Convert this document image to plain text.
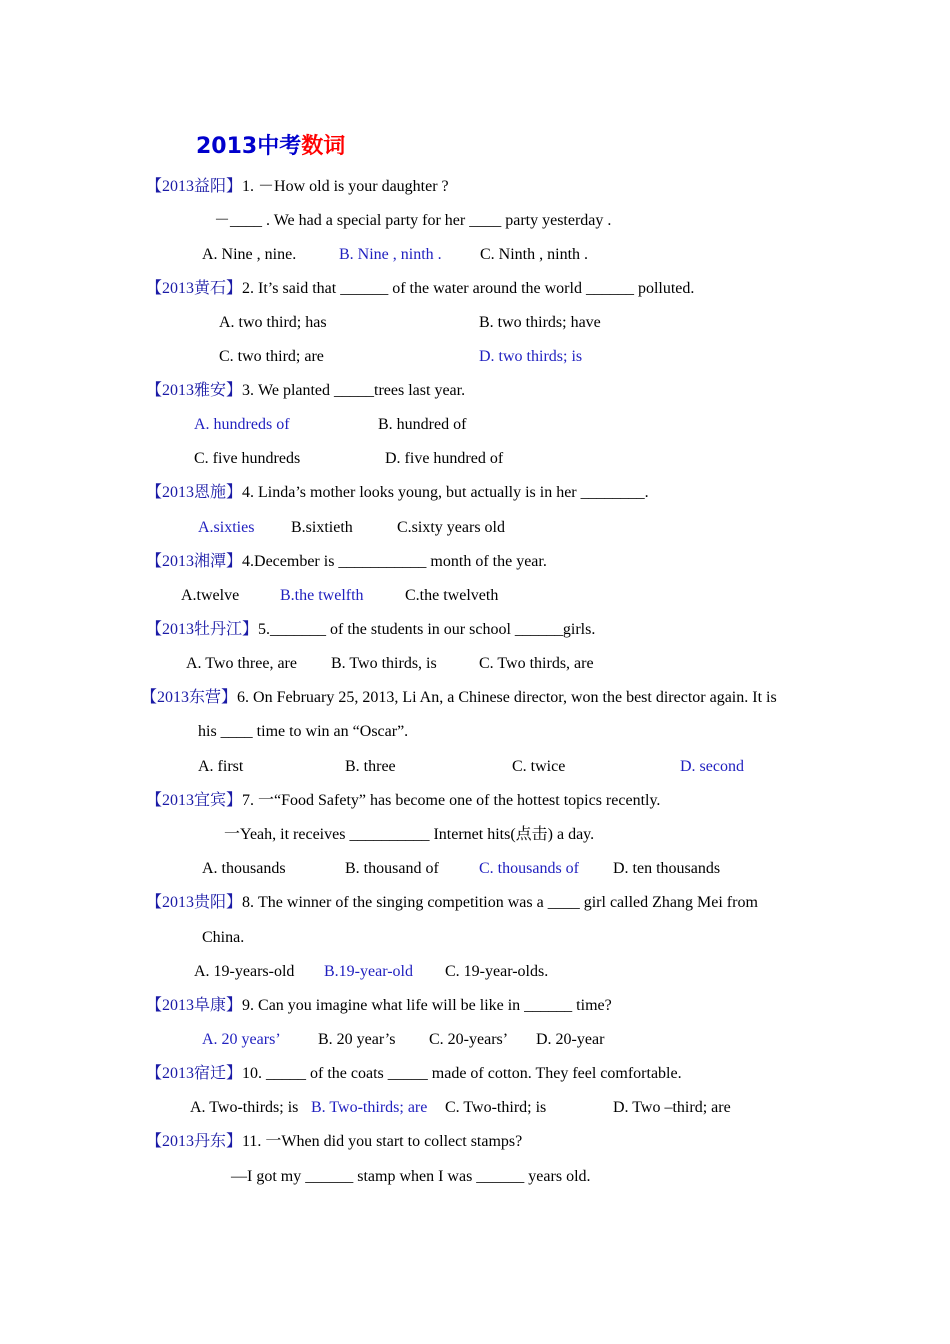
2013中考数词
【2013益阳】1. －How old is your daughter ?
－____ . We had a special party for her ____ party yesterday .
A. Nine , nine.	B. Nine , ninth . C. Ninth , ninth .
【2013黄石】2. It’s said that ______ of the water around the world ______ polluted.
A. two third; has	B. two thirds; have
C. two third; are	D. two thirds; is
【2013雅安】3. We planted _____trees last year.
A. hundreds of	B. hundred of
C. five hundreds	D. five hundred of
【2013恩施】4. Linda’s mother looks young, but actually is in her ________.
A.sixties B.sixtieth	C.sixty years old
【2013湘潭】4.December is ___________ month of the year.
A.twelve	B.the twelfth	C.the twelveth
【2013牡丹江】5._______ of the students in our school ______girls.
A. Two three, are B. Two thirds, is	C. Two thirds, are
【2013东营】6. On February 25, 2013, Li An, a Chinese director, won the best director again. It is
his ____ time to win an “Oscar”.
A. first	B. three	C. twice	D. second
【2013宜宾】7. 一“Food Safety” has become one of the hottest topics recently.
一Yeah, it receives __________ Internet hits(点击) a day.
A. thousands	B. thousand of	C. thousands of D. ten thousands
【2013贵阳】8. The winner of the singing competition was a ____ girl called Zhang Mei from
China.
A. 19-years-old B.19-year-old C. 19-year-olds.
【2013阜康】9. Can you imagine what life will be like in ______ time?
A. 20 years’ B. 20 year’s C. 20-years’ D. 20-year
【2013宿迁】10. _____ of the coats _____ made of cotton. They feel comfortable.
A. Two-thirds; is B. Two-thirds; are C. Two-third; is	D. Two –third; are
【2013丹东】11. 一When did you start to collect stamps?
—I got my ______ stamp when I was ______ years old.
